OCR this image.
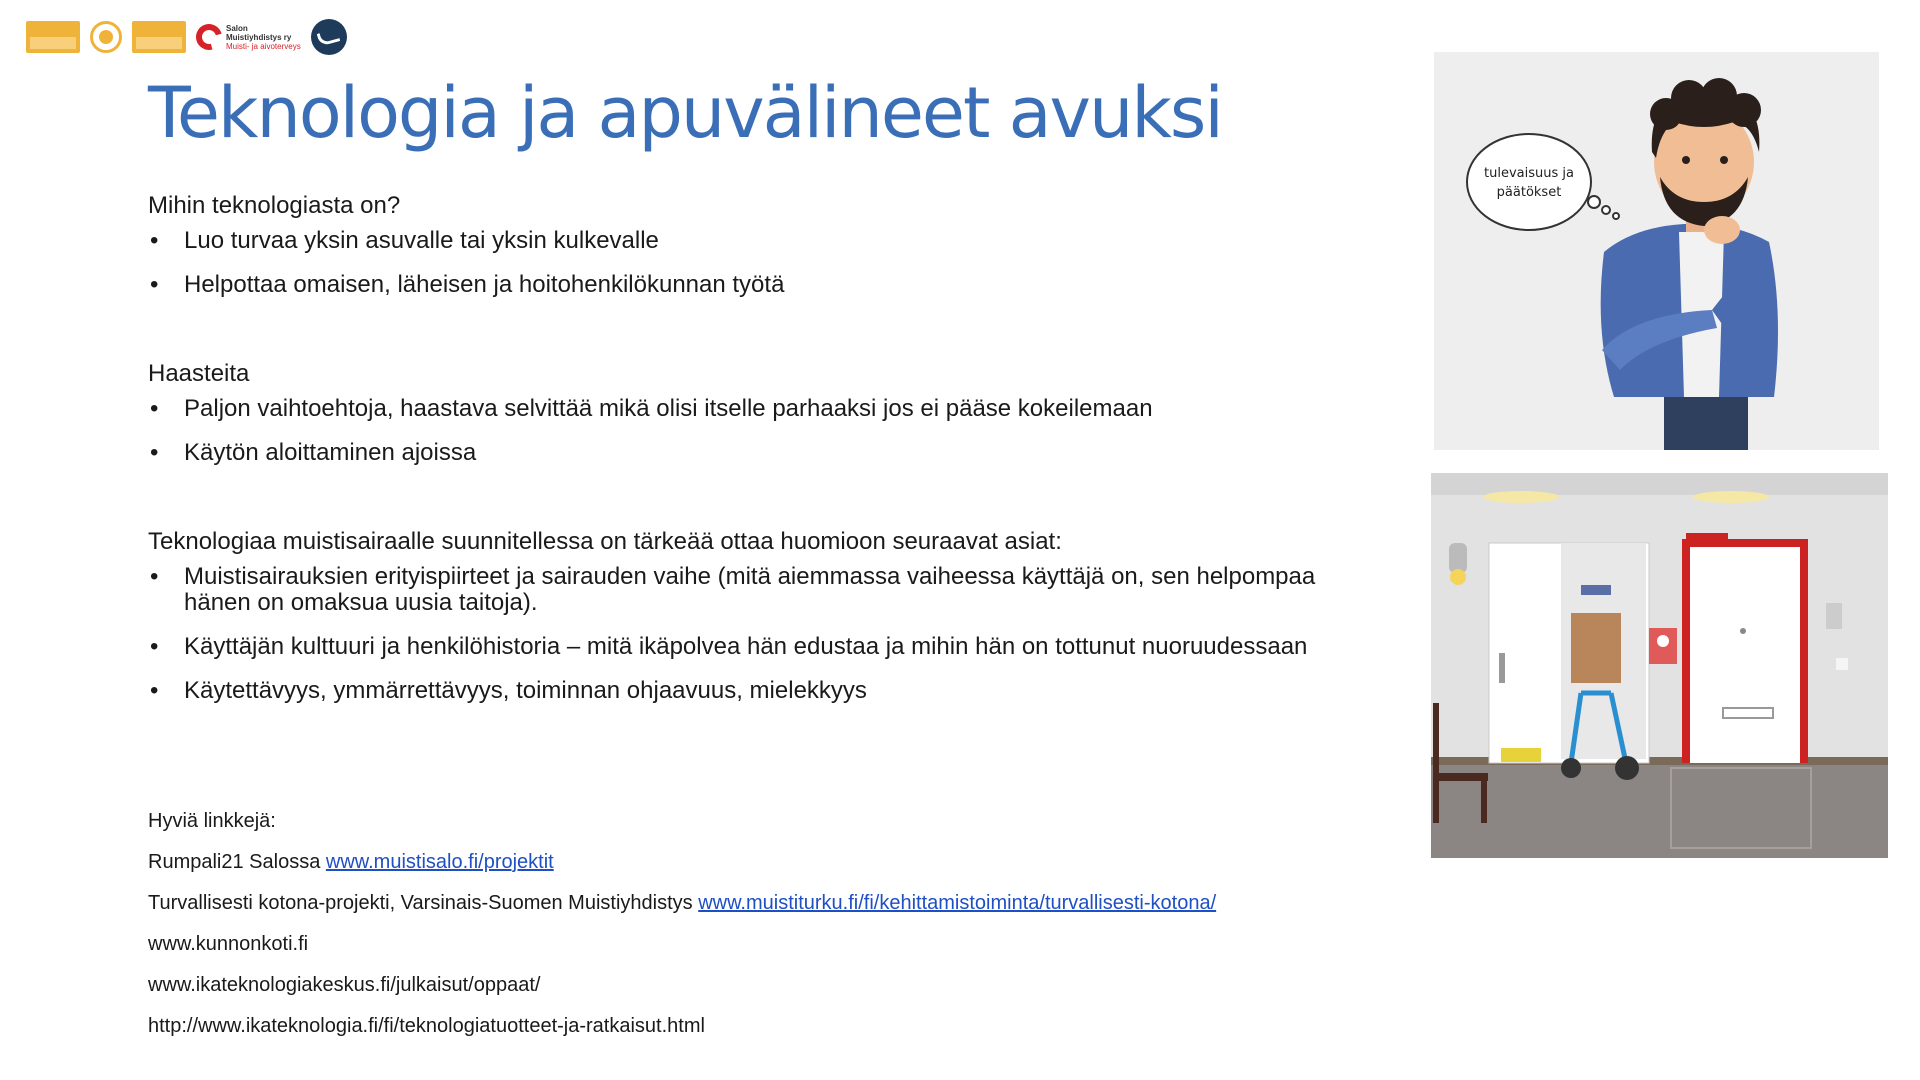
Salon
Muistiyhdistys ry
Muisti- ja aivoterveys
Teknologia ja apuvälineet avuksi

Mihin teknologiasta on?

• Luo turvaa yksin asuvalle tai yksin kulkevalle
• Helpottaa omaisen, läheisen ja hoitohenkilökunnan työtä

Haasteita

• Paljon vaihtoehtoja, haastava selvittää mikä olisi itselle parhaaksi jos ei pääse kokeilemaan
• Käytön aloittaminen ajoissa

Teknologiaa muistisairaalle suunnitellessa on tärkeää ottaa huomioon seuraavat asiat:

• Muistisairauksien erityispiirteet ja sairauden vaihe (mitä aiemmassa vaiheessa käyttäjä on, sen helpompaa hänen on omaksua uusia taitoja).
• Käyttäjän kulttuuri ja henkilöhistoria – mitä ikäpolvea hän edustaa ja mihin hän on tottunut nuoruudessaan
• Käytettävyys, ymmärrettävyys, toiminnan ohjaavuus, mielekkyys
Hyviä linkkejä:
Rumpali21 Salossa www.muistisalo.fi/projektit
Turvallisesti kotona-projekti, Varsinais-Suomen Muistiyhdistys www.muistiturku.fi/fi/kehittamistoiminta/turvallisesti-kotona/
www.kunnonkoti.fi
www.ikateknologiakeskus.fi/julkaisut/oppaat/
http://www.ikateknologia.fi/fi/teknologiatuotteet-ja-ratkaisut.html
tulevaisuus ja
päätökset
